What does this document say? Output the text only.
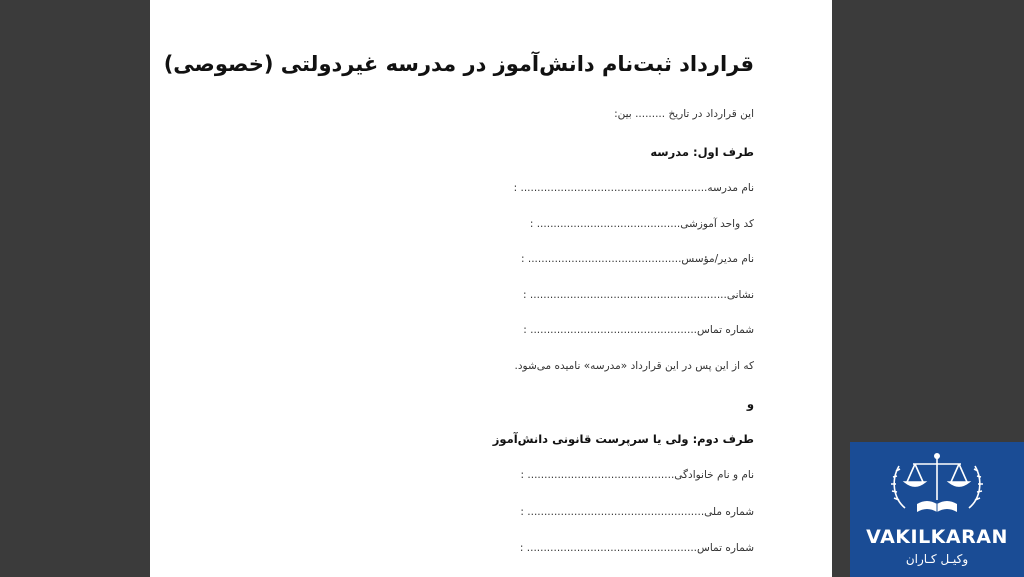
قرارداد ثبت‌نام دانش‌آموز در مدرسه غیردولتی (خصوصی)
این قرارداد در تاریخ ......... بین:
طرف اول: مدرسه
نام مدرسه........................................................ :
کد واحد آموزشی........................................... :
نام مدیر/مؤسس.............................................. :
نشانی........................................................... :
شماره تماس.................................................. :
که از این پس در این قرارداد «مدرسه» نامیده می‌شود.
و
طرف دوم: ولی یا سرپرست قانونی دانش‌آموز
نام و نام خانوادگی............................................ :
شماره ملی..................................................... :
شماره تماس................................................... :	VAKILKARAN
وکیـل کـاران
